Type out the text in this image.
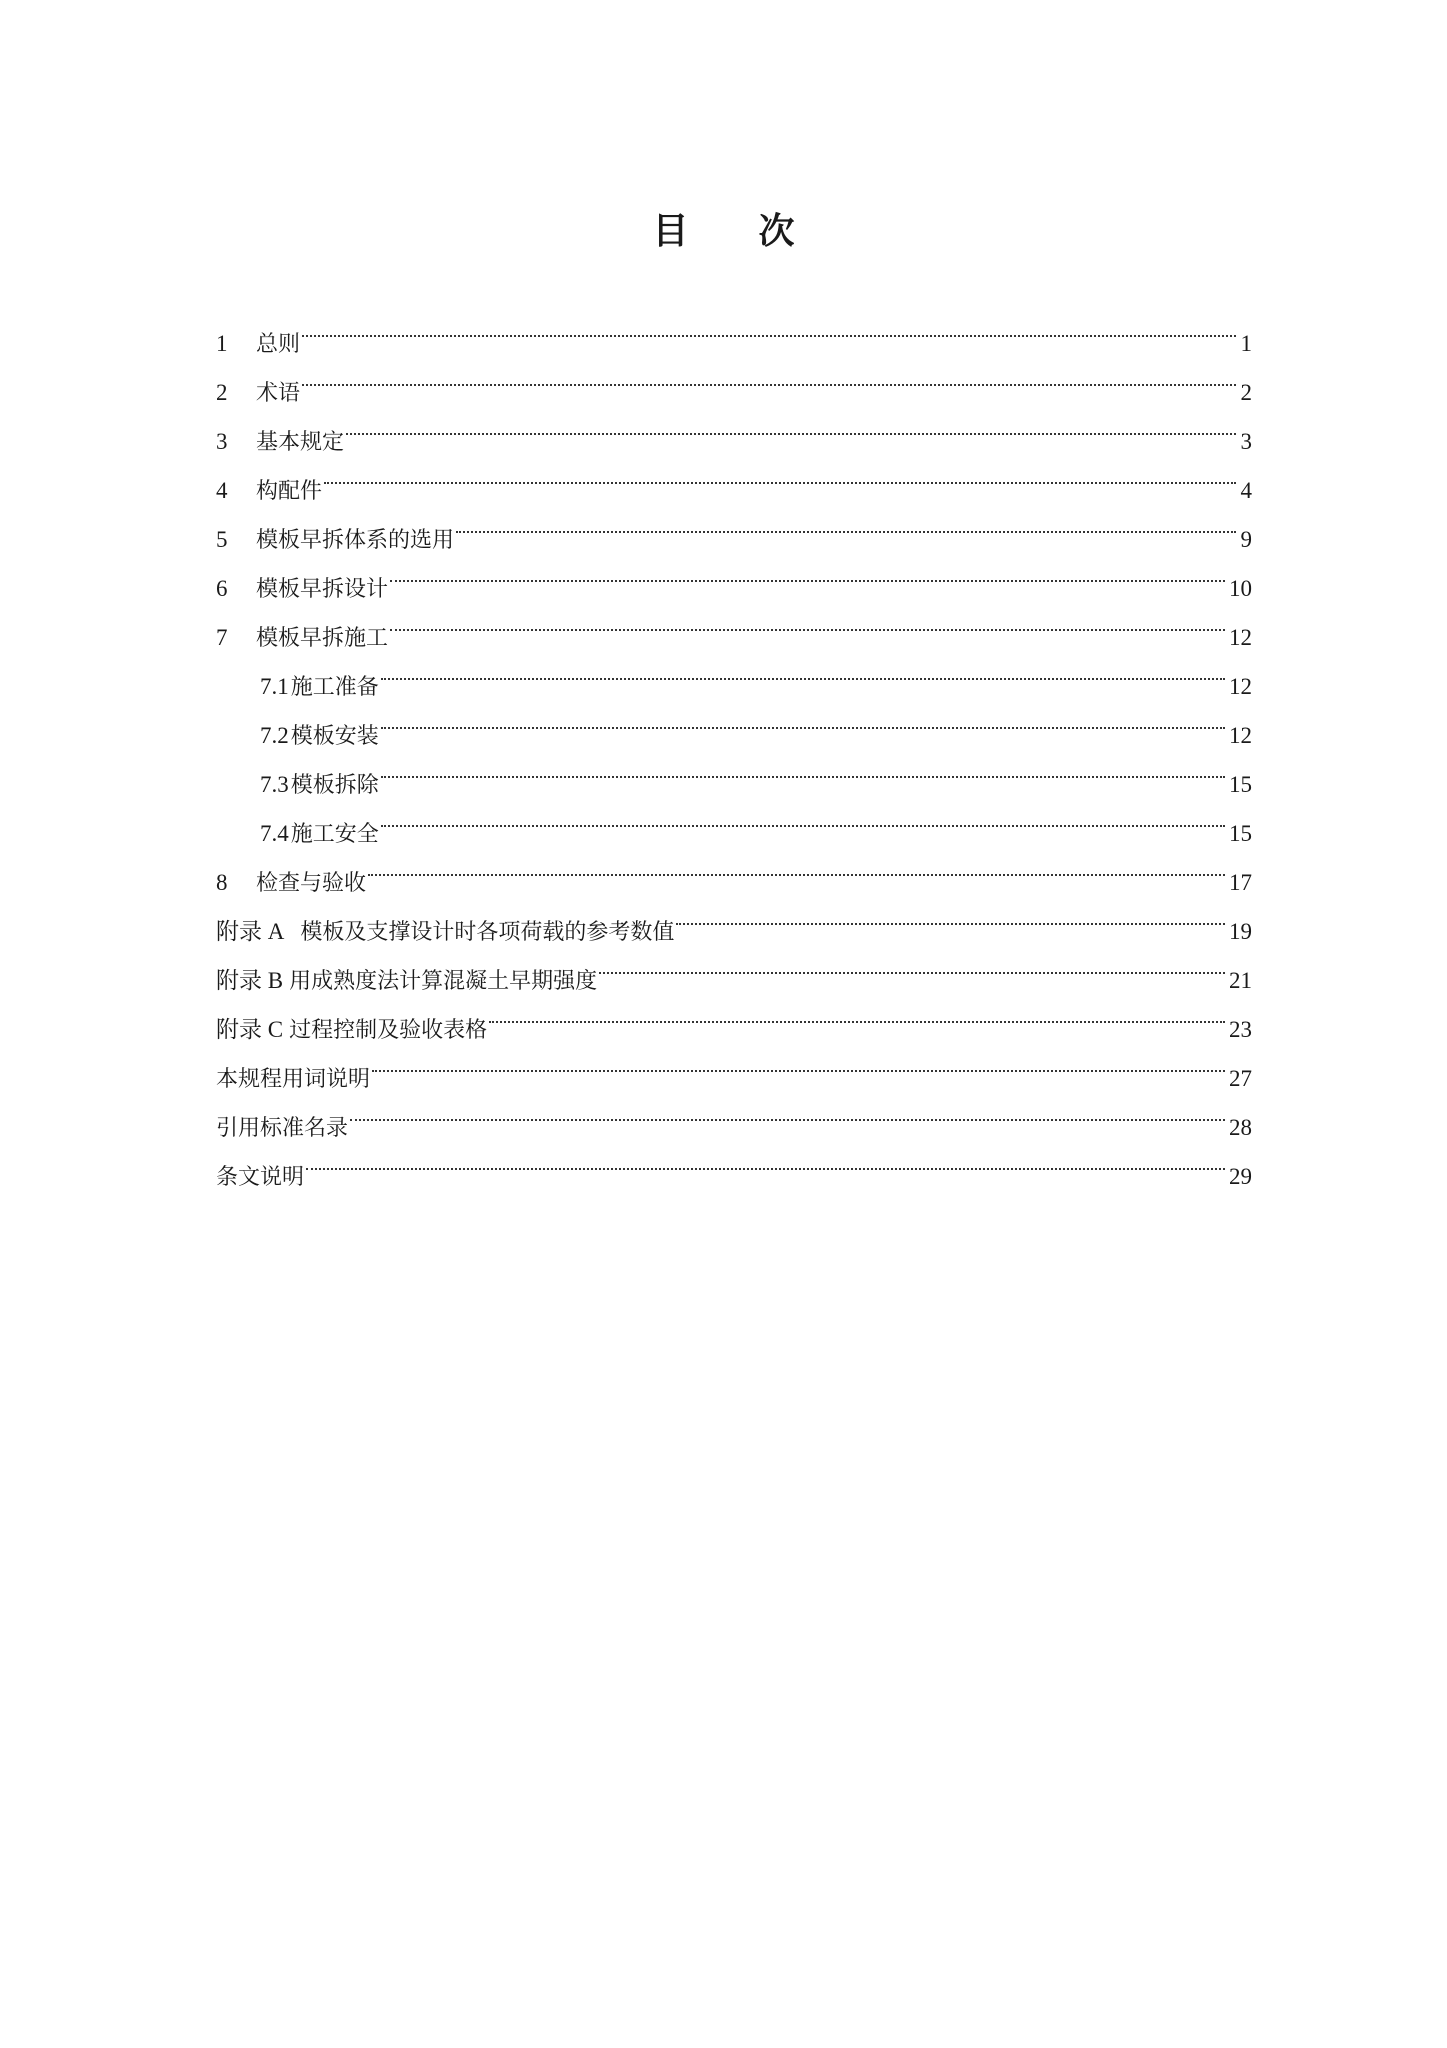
目 次
1	总则	1
2	术语	2
3	基本规定	3
4	构配件	4
5	模板早拆体系的选用	9
6	模板早拆设计	10
7	模板早拆施工	12
7.1 施工准备	12
7.2 模板安装	12
7.3 模板拆除	15
7.4 施工安全	15
8	检查与验收	17
附录 A 模板及支撑设计时各项荷载的参考数值	19
附录 B 用成熟度法计算混凝土早期强度	21
附录 C 过程控制及验收表格	23
本规程用词说明	27
引用标准名录	28
条文说明	29
